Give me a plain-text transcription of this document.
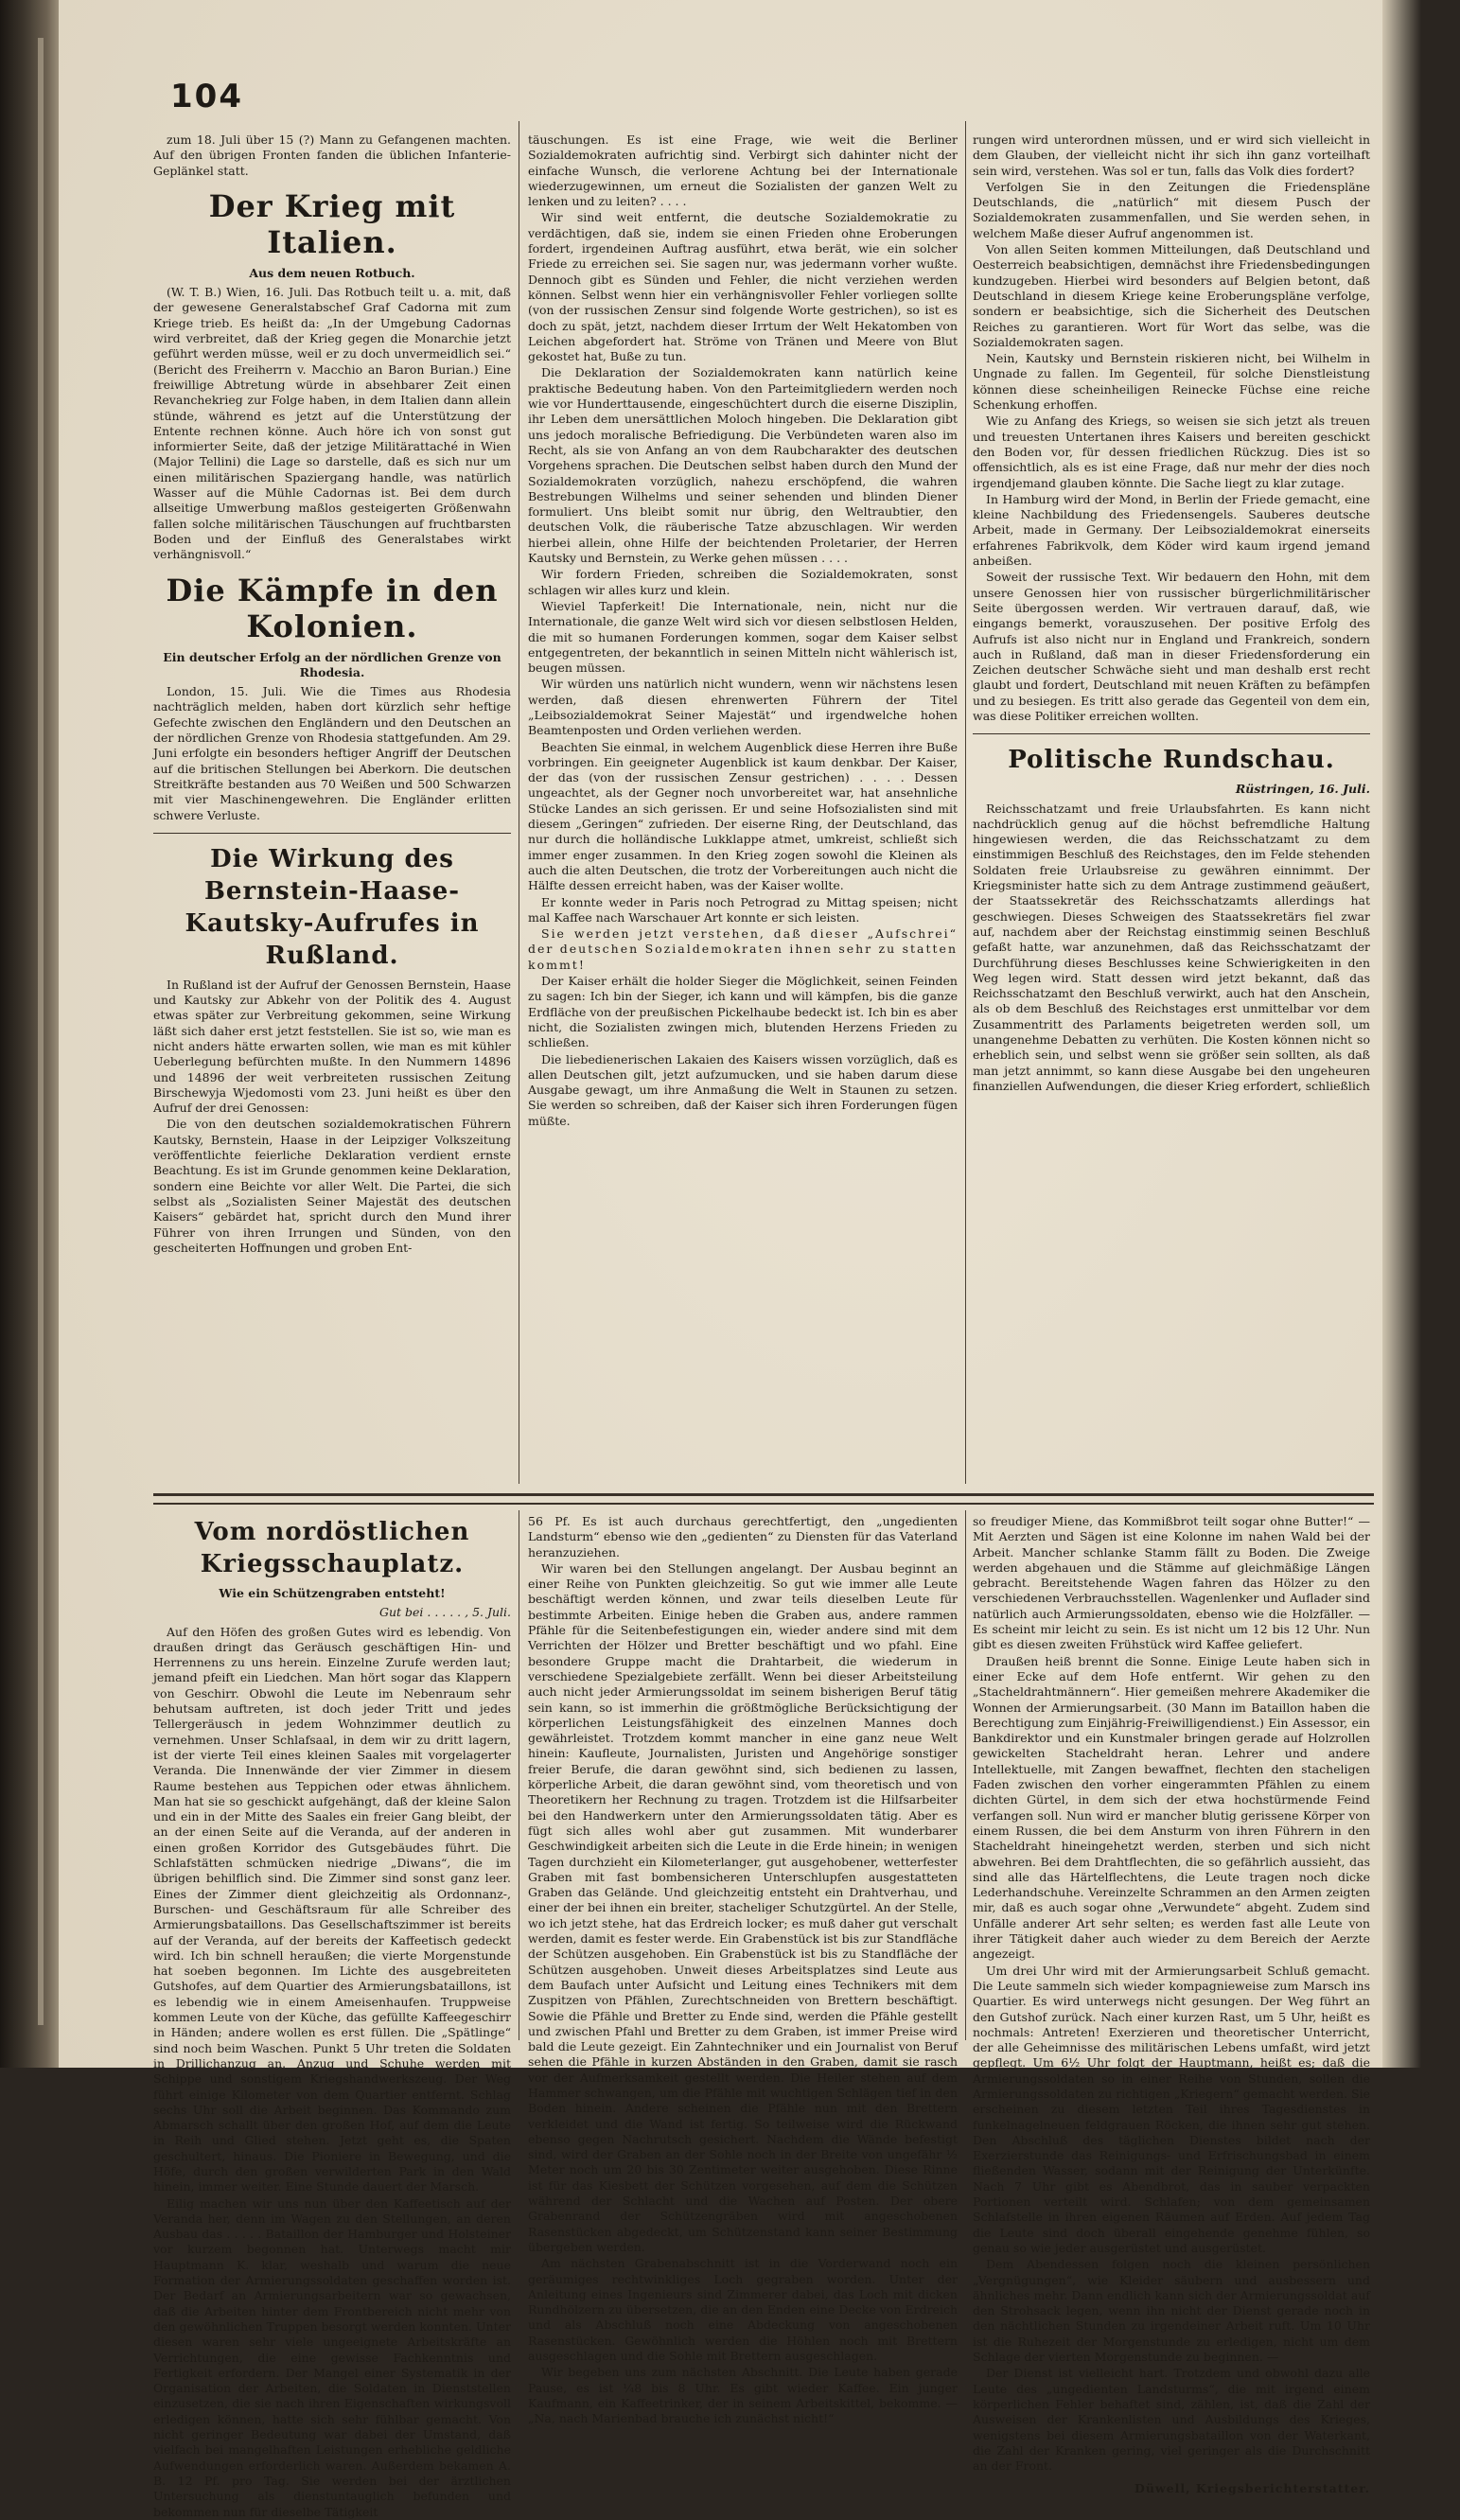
104

zum 18. Juli über 15 (?) Mann zu Gefangenen machten. Auf den übrigen Fronten fanden die üblichen Infanterie-Geplänkel statt.

Der Krieg mit Italien.
Aus dem neuen Rotbuch.

(W. T. B.) Wien, 16. Juli. Das Rotbuch teilt u. a. mit, daß der gewesene Generalstabschef Graf Cadorna mit zum Kriege trieb. Es heißt da: „In der Umgebung Cadornas wird verbreitet, daß der Krieg gegen die Monarchie jetzt geführt werden müsse, weil er zu doch unvermeidlich sei.“ (Bericht des Freiherrn v. Macchio an Baron Burian.) Eine freiwillige Abtretung würde in absehbarer Zeit einen Revanchekrieg zur Folge haben, in dem Italien dann allein stünde, während es jetzt auf die Unterstützung der Entente rechnen könne. Auch höre ich von sonst gut informierter Seite, daß der jetzige Militärattaché in Wien (Major Tellini) die Lage so darstelle, daß es sich nur um einen militärischen Spaziergang handle, was natürlich Wasser auf die Mühle Cadornas ist. Bei dem durch allseitige Umwerbung maßlos gesteigerten Größenwahn fallen solche militärischen Täuschungen auf fruchtbarsten Boden und der Einfluß des Generalstabes wirkt verhängnisvoll.“

Die Kämpfe in den Kolonien.
Ein deutscher Erfolg an der nördlichen Grenze von Rhodesia.

London, 15. Juli. Wie die Times aus Rhodesia nachträglich melden, haben dort kürzlich sehr heftige Gefechte zwischen den Engländern und den Deutschen an der nördlichen Grenze von Rhodesia stattgefunden. Am 29. Juni erfolgte ein besonders heftiger Angriff der Deutschen auf die britischen Stellungen bei Aberkorn. Die deutschen Streitkräfte bestanden aus 70 Weißen und 500 Schwarzen mit vier Maschinengewehren. Die Engländer erlitten schwere Verluste.

Die Wirkung des Bernstein-Haase-Kautsky-Aufrufes in Rußland.

In Rußland ist der Aufruf der Genossen Bernstein, Haase und Kautsky zur Abkehr von der Politik des 4. August etwas später zur Verbreitung gekommen, seine Wirkung läßt sich daher erst jetzt feststellen. Sie ist so, wie man es nicht anders hätte erwarten sollen, wie man es mit kühler Ueberlegung befürchten mußte. In den Nummern 14896 und 14896 der weit verbreiteten russischen Zeitung Birschewyja Wjedomosti vom 23. Juni heißt es über den Aufruf der drei Genossen:

Die von den deutschen sozialdemokratischen Führern Kautsky, Bernstein, Haase in der Leipziger Volkszeitung veröffentlichte feierliche Deklaration verdient ernste Beachtung. Es ist im Grunde genommen keine Deklaration, sondern eine Beichte vor aller Welt. Die Partei, die sich selbst als „Sozialisten Seiner Majestät des deutschen Kaisers“ gebärdet hat, spricht durch den Mund ihrer Führer von ihren Irrungen und Sünden, von den gescheiterten Hoffnungen und groben Ent-

täuschungen. Es ist eine Frage, wie weit die Berliner Sozialdemokraten aufrichtig sind. Verbirgt sich dahinter nicht der einfache Wunsch, die verlorene Achtung bei der Internationale wiederzugewinnen, um erneut die Sozialisten der ganzen Welt zu lenken und zu leiten? . . . .

Wir sind weit entfernt, die deutsche Sozialdemokratie zu verdächtigen, daß sie, indem sie einen Frieden ohne Eroberungen fordert, irgendeinen Auftrag ausführt, etwa berät, wie ein solcher Friede zu erreichen sei. Sie sagen nur, was jedermann vorher wußte. Dennoch gibt es Sünden und Fehler, die nicht verziehen werden können. Selbst wenn hier ein verhängnisvoller Fehler vorliegen sollte (von der russischen Zensur sind folgende Worte gestrichen), so ist es doch zu spät, jetzt, nachdem dieser Irrtum der Welt Hekatomben von Leichen abgefordert hat. Ströme von Tränen und Meere von Blut gekostet hat, Buße zu tun.

Die Deklaration der Sozialdemokraten kann natürlich keine praktische Bedeutung haben. Von den Parteimitgliedern werden noch wie vor Hunderttausende, eingeschüchtert durch die eiserne Disziplin, ihr Leben dem unersättlichen Moloch hingeben. Die Deklaration gibt uns jedoch moralische Befriedigung. Die Verbündeten waren also im Recht, als sie von Anfang an von dem Raubcharakter des deutschen Vorgehens sprachen. Die Deutschen selbst haben durch den Mund der Sozialdemokraten vorzüglich, nahezu erschöpfend, die wahren Bestrebungen Wilhelms und seiner sehenden und blinden Diener formuliert. Uns bleibt somit nur übrig, den Weltraubtier, den deutschen Volk, die räuberische Tatze abzuschlagen. Wir werden hierbei allein, ohne Hilfe der beichtenden Proletarier, der Herren Kautsky und Bernstein, zu Werke gehen müssen . . . .

Wir fordern Frieden, schreiben die Sozialdemokraten, sonst schlagen wir alles kurz und klein.

Wieviel Tapferkeit! Die Internationale, nein, nicht nur die Internationale, die ganze Welt wird sich vor diesen selbstlosen Helden, die mit so humanen Forderungen kommen, sogar dem Kaiser selbst entgegentreten, der bekanntlich in seinen Mitteln nicht wählerisch ist, beugen müssen.

Wir würden uns natürlich nicht wundern, wenn wir nächstens lesen werden, daß diesen ehrenwerten Führern der Titel „Leibsozialdemokrat Seiner Majestät“ und irgendwelche hohen Beamtenposten und Orden verliehen werden.

Beachten Sie einmal, in welchem Augenblick diese Herren ihre Buße vorbringen. Ein geeigneter Augenblick ist kaum denkbar. Der Kaiser, der das (von der russischen Zensur gestrichen) . . . . Dessen ungeachtet, als der Gegner noch unvorbereitet war, hat ansehnliche Stücke Landes an sich gerissen. Er und seine Hofsozialisten sind mit diesem „Geringen“ zufrieden. Der eiserne Ring, der Deutschland, das nur durch die holländische Lukklappe atmet, umkreist, schließt sich immer enger zusammen. In den Krieg zogen sowohl die Kleinen als auch die alten Deutschen, die trotz der Vorbereitungen auch nicht die Hälfte dessen erreicht haben, was der Kaiser wollte.

Er konnte weder in Paris noch Petrograd zu Mittag speisen; nicht mal Kaffee nach Warschauer Art konnte er sich leisten.

Sie werden jetzt verstehen, daß dieser „Aufschrei“ der deutschen Sozialdemokraten ihnen sehr zu statten kommt!

Der Kaiser erhält die holder Sieger die Möglichkeit, seinen Feinden zu sagen: Ich bin der Sieger, ich kann und will kämpfen, bis die ganze Erdfläche von der preußischen Pickelhaube bedeckt ist. Ich bin es aber nicht, die Sozialisten zwingen mich, blutenden Herzens Frieden zu schließen.

Die liebedienerischen Lakaien des Kaisers wissen vorzüglich, daß es allen Deutschen gilt, jetzt aufzumucken, und sie haben darum diese Ausgabe gewagt, um ihre Anmaßung die Welt in Staunen zu setzen. Sie werden so schreiben, daß der Kaiser sich ihren Forderungen fügen müßte.

rungen wird unterordnen müssen, und er wird sich vielleicht in dem Glauben, der vielleicht nicht ihr sich ihn ganz vorteilhaft sein wird, verstehen. Was sol er tun, falls das Volk dies fordert?

Verfolgen Sie in den Zeitungen die Friedenspläne Deutschlands, die „natürlich“ mit diesem Pusch der Sozialdemokraten zusammenfallen, und Sie werden sehen, in welchem Maße dieser Aufruf angenommen ist.

Von allen Seiten kommen Mitteilungen, daß Deutschland und Oesterreich beabsichtigen, demnächst ihre Friedensbedingungen kundzugeben. Hierbei wird besonders auf Belgien betont, daß Deutschland in diesem Kriege keine Eroberungspläne verfolge, sondern er beabsichtige, sich die Sicherheit des Deutschen Reiches zu garantieren. Wort für Wort das selbe, was die Sozialdemokraten sagen.

Nein, Kautsky und Bernstein riskieren nicht, bei Wilhelm in Ungnade zu fallen. Im Gegenteil, für solche Dienstleistung können diese scheinheiligen Reinecke Füchse eine reiche Schenkung erhoffen.

Wie zu Anfang des Kriegs, so weisen sie sich jetzt als treuen und treuesten Untertanen ihres Kaisers und bereiten geschickt den Boden vor, für dessen friedlichen Rückzug. Dies ist so offensichtlich, als es ist eine Frage, daß nur mehr der dies noch irgendjemand glauben könnte. Die Sache liegt zu klar zutage.

In Hamburg wird der Mond, in Berlin der Friede gemacht, eine kleine Nachbildung des Friedensengels. Sauberes deutsche Arbeit, made in Germany. Der Leibsozialdemokrat einerseits erfahrenes Fabrikvolk, dem Köder wird kaum irgend jemand anbeißen.

Soweit der russische Text. Wir bedauern den Hohn, mit dem unsere Genossen hier von russischer bürgerlichmilitärischer Seite übergossen werden. Wir vertrauen darauf, daß, wie eingangs bemerkt, vorauszusehen. Der positive Erfolg des Aufrufs ist also nicht nur in England und Frankreich, sondern auch in Rußland, daß man in dieser Friedensforderung ein Zeichen deutscher Schwäche sieht und man deshalb erst recht glaubt und fordert, Deutschland mit neuen Kräften zu befämpfen und zu besiegen. Es tritt also gerade das Gegenteil von dem ein, was diese Politiker erreichen wollten.

Politische Rundschau.
Rüstringen, 16. Juli.

Reichsschatzamt und freie Urlaubsfahrten. Es kann nicht nachdrücklich genug auf die höchst befremdliche Haltung hingewiesen werden, die das Reichsschatzamt zu dem einstimmigen Beschluß des Reichstages, den im Felde stehenden Soldaten freie Urlaubsreise zu gewähren einnimmt. Der Kriegsminister hatte sich zu dem Antrage zustimmend geäußert, der Staatssekretär des Reichsschatzamts allerdings hat geschwiegen. Dieses Schweigen des Staatssekretärs fiel zwar auf, nachdem aber der Reichstag einstimmig seinen Beschluß gefaßt hatte, war anzunehmen, daß das Reichsschatzamt der Durchführung dieses Beschlusses keine Schwierigkeiten in den Weg legen wird. Statt dessen wird jetzt bekannt, daß das Reichsschatzamt den Beschluß verwirkt, auch hat den Anschein, als ob dem Beschluß des Reichstages erst unmittelbar vor dem Zusammentritt des Parlaments beigetreten werden soll, um unangenehme Debatten zu verhüten. Die Kosten können nicht so erheblich sein, und selbst wenn sie größer sein sollten, als daß man jetzt annimmt, so kann diese Ausgabe bei den ungeheuren finanziellen Aufwendungen, die dieser Krieg erfordert, schließlich

Vom nordöstlichen Kriegsschauplatz.
Wie ein Schützengraben entsteht!
Gut bei . . . . . , 5. Juli.

Auf den Höfen des großen Gutes wird es lebendig. Von draußen dringt das Geräusch geschäftigen Hin- und Herrennens zu uns herein. Einzelne Zurufe werden laut; jemand pfeift ein Liedchen. Man hört sogar das Klappern von Geschirr. Obwohl die Leute im Nebenraum sehr behutsam auftreten, ist doch jeder Tritt und jedes Tellergeräusch in jedem Wohnzimmer deutlich zu vernehmen. Unser Schlafsaal, in dem wir zu dritt lagern, ist der vierte Teil eines kleinen Saales mit vorgelagerter Veranda. Die Innenwände der vier Zimmer in diesem Raume bestehen aus Teppichen oder etwas ähnlichem. Man hat sie so geschickt aufgehängt, daß der kleine Salon und ein in der Mitte des Saales ein freier Gang bleibt, der an der einen Seite auf die Veranda, auf der anderen in einen großen Korridor des Gutsgebäudes führt. Die Schlafstätten schmücken niedrige „Diwans“, die im übrigen behilflich sind. Die Zimmer sind sonst ganz leer. Eines der Zimmer dient gleichzeitig als Ordonnanz-, Burschen- und Geschäftsraum für alle Schreiber des Armierungsbataillons. Das Gesellschaftszimmer ist bereits auf der Veranda, auf der bereits der Kaffeetisch gedeckt wird. Ich bin schnell heraußen; die vierte Morgenstunde hat soeben begonnen. Im Lichte des ausgebreiteten Gutshofes, auf dem Quartier des Armierungsbataillons, ist es lebendig wie in einem Ameisenhaufen. Truppweise kommen Leute von der Küche, das gefüllte Kaffeegeschirr in Händen; andere wollen es erst füllen. Die „Spätlinge“ sind noch beim Waschen. Punkt 5 Uhr treten die Soldaten in Drillichanzug an. Anzug und Schuhe werden mit Schippe und sonstigem Kriegshandwerkszeug. Der Weg führt einige Kilometer von dem Quartier entfernt. Schlag sechs Uhr soll die Arbeit beginnen. Das Kommando zum Abmarsch schallt über den großen Hof, auf dem die Leute in Reih und Glied stehen. Jetzt geht es, die Spaten geschultert, hinaus. Die Pioniere in Bewegung, und die Höfe, durch den großen verwilderten Park in den Wald hinein, immer weiter. Eine Stunde dauert der Marsch.

Eilig machen wir uns nun über den Kaffeetisch auf der Veranda her, denn im Wagen zu den Stellungen, an deren Ausbau das . . . . . Bataillon der Hamburger und Holsteiner vor kurzem begonnen hat. Unterwegs macht mir Hauptmann K. klar, weshalb und warum die neue Formation der Armierungssoldaten geschaffen worden ist. Der Bedarf an Armierungsarbeitern war so gewachsen, daß die Arbeiten hinter dem Frontbereich nicht mehr von den gewöhnlichen Truppen besorgt werden konnten. Unter diesen waren sehr viele ungeeignete Arbeitskräfte an Verrichtungen, die eine gewisse Fachkenntnis und Fertigkeit erfordern. Der Mangel einer Systematik in der Organisation der Arbeiten, die Soldaten in Dienststellen einzusetzen, die sie nach ihren Eigenschaften wirkungsvoll erledigen können, hatte sich sehr fühlbar gemacht. Von nicht geringer Bedeutung war dabei der Umstand, daß vielfach bei mangelhaften Leistungen erhebliche geldliche Aufwendungen erforderlich waren. Außerdem bekamen A. B. 12 Pf. pro Tag. Sie werden bei der ärztlichen Untersuchung als dienstuntauglich befunden und bekommen nun für dieselbe Tätigkeit

56 Pf. Es ist auch durchaus gerechtfertigt, den „ungedienten Landsturm“ ebenso wie den „gedienten“ zu Diensten für das Vaterland heranzuziehen.

Wir waren bei den Stellungen angelangt. Der Ausbau beginnt an einer Reihe von Punkten gleichzeitig. So gut wie immer alle Leute beschäftigt werden können, und zwar teils dieselben Leute für bestimmte Arbeiten. Einige heben die Graben aus, andere rammen Pfähle für die Seitenbefestigungen ein, wieder andere sind mit dem Verrichten der Hölzer und Bretter beschäftigt und wo pfahl. Eine besondere Gruppe macht die Drahtarbeit, die wiederum in verschiedene Spezialgebiete zerfällt. Wenn bei dieser Arbeitsteilung auch nicht jeder Armierungssoldat im seinem bisherigen Beruf tätig sein kann, so ist immerhin die größtmögliche Berücksichtigung der körperlichen Leistungsfähigkeit des einzelnen Mannes doch gewährleistet. Trotzdem kommt mancher in eine ganz neue Welt hinein: Kaufleute, Journalisten, Juristen und Angehörige sonstiger freier Berufe, die daran gewöhnt sind, sich bedienen zu lassen, körperliche Arbeit, die daran gewöhnt sind, vom theoretisch und von Theoretikern her Rechnung zu tragen. Trotzdem ist die Hilfsarbeiter bei den Handwerkern unter den Armierungssoldaten tätig. Aber es fügt sich alles wohl aber gut zusammen. Mit wunderbarer Geschwindigkeit arbeiten sich die Leute in die Erde hinein; in wenigen Tagen durchzieht ein Kilometerlanger, gut ausgehobener, wetterfester Graben mit fast bombensicheren Unterschlupfen ausgestatteten Graben das Gelände. Und gleichzeitig entsteht ein Drahtverhau, und einer der bei ihnen ein breiter, stacheliger Schutzgürtel. An der Stelle, wo ich jetzt stehe, hat das Erdreich locker; es muß daher gut verschalt werden, damit es fester werde. Ein Grabenstück ist bis zur Standfläche der Schützen ausgehoben. Ein Grabenstück ist bis zu Standfläche der Schützen ausgehoben. Unweit dieses Arbeitsplatzes sind Leute aus dem Baufach unter Aufsicht und Leitung eines Technikers mit dem Zuspitzen von Pfählen, Zurechtschneiden von Brettern beschäftigt. Sowie die Pfähle und Bretter zu Ende sind, werden die Pfähle gestellt und zwischen Pfahl und Bretter zu dem Graben, ist immer Preise wird bald die Leute gezeigt. Ein Zahntechniker und ein Journalist von Beruf sehen die Pfähle in kurzen Abständen in den Graben, damit sie rasch vor der Aufmerksamkeit gestellt werden. Die Heiler stehen auf dem Hammer schwangen, um die Pfähle mit wuchtigen Schlägen tief in den Boden hinein. Andere scheinen die Pfähle nun mit den Brettern verkleidet und die Wand ist fertig. So teilweise wird die Rückwand ebenso gegen Nachrutsch gesichert. Nachdem die Wände befestigt sind, wird der Graben an der Sohle noch in der Breite von ungefähr ½ Meter noch um 20 bis 30 Zentimeter weiter ausgehoben. Diese Rinne ist für das Kiesbett der Schützen vorgesehen, auf dem die Schützen während der Schlacht und die Wachen auf Posten. Der obere Grabenrand der Schützengräben wird mit angeschobenen Rasenstücken abgedeckt, um Schützenstand kann seiner Bestimmung übergeben werden.

Am nächsten Grabenabschnitt ist in die Vorderwand noch ein geräumiges rechtwinkliges Loch gegraben worden. Unter der Anleitung eines Ingenieurs sind Zimmerer dabei, das Loch mit dicken Rundhölzern zu übersetzen, die an den Enden eine Decke von Erdreich und als Abschluß noch eine Abdeckung von angeschobenen Rasenstücken. Gewöhnlich werden die Höhlen noch mit Brettern ausgeschlagen und die Sohle mit Brettern ausgeschlagen.

Wir begeben uns zum nächsten Abschnitt. Die Leute haben gerade Pause, es ist ¼8 bis 8 Uhr. Es gibt wieder Kaffee. Ein junger Kaufmann, ein Kaffeetrinker, der in seinem Arbeitskittel, bekomme. — „Na, nach Marienbad brauche ich zunächst nicht!“

so freudiger Miene, das Kommißbrot teilt sogar ohne Butter!“ — Mit Aerzten und Sägen ist eine Kolonne im nahen Wald bei der Arbeit. Mancher schlanke Stamm fällt zu Boden. Die Zweige werden abgehauen und die Stämme auf gleichmäßige Längen gebracht. Bereitstehende Wagen fahren das Hölzer zu den verschiedenen Verbrauchsstellen. Wagenlenker und Auflader sind natürlich auch Armierungssoldaten, ebenso wie die Holzfäller. — Es scheint mir leicht zu sein. Es ist nicht um 12 bis 12 Uhr. Nun gibt es diesen zweiten Frühstück wird Kaffee geliefert.

Draußen heiß brennt die Sonne. Einige Leute haben sich in einer Ecke auf dem Hofe entfernt. Wir gehen zu den „Stacheldrahtmännern“. Hier gemeißen mehrere Akademiker die Wonnen der Armierungsarbeit. (30 Mann im Bataillon haben die Berechtigung zum Einjährig-Freiwilligendienst.) Ein Assessor, ein Bankdirektor und ein Kunstmaler bringen gerade auf Holzrollen gewickelten Stacheldraht heran. Lehrer und andere Intellektuelle, mit Zangen bewaffnet, flechten den stacheligen Faden zwischen den vorher eingerammten Pfählen zu einem dichten Gürtel, in dem sich der etwa hochstürmende Feind verfangen soll. Nun wird er mancher blutig gerissene Körper von einem Russen, die bei dem Ansturm von ihren Führern in den Stacheldraht hineingehetzt werden, sterben und sich nicht abwehren. Bei dem Drahtflechten, die so gefährlich aussieht, das sind alle das Härtelflechtens, die Leute tragen noch dicke Lederhandschuhe. Vereinzelte Schrammen an den Armen zeigten mir, daß es auch sogar ohne „Verwundete“ abgeht. Zudem sind Unfälle anderer Art sehr selten; es werden fast alle Leute von ihrer Tätigkeit daher auch wieder zu dem Bereich der Aerzte angezeigt.

Um drei Uhr wird mit der Armierungsarbeit Schluß gemacht. Die Leute sammeln sich wieder kompagnieweise zum Marsch ins Quartier. Es wird unterwegs nicht gesungen. Der Weg führt an den Gutshof zurück. Nach einer kurzen Rast, um 5 Uhr, heißt es nochmals: Antreten! Exerzieren und theoretischer Unterricht, der alle Geheimnisse des militärischen Lebens umfaßt, wird jetzt gepflegt. Um 6½ Uhr folgt der Hauptmann, heißt es; daß die Armierungssoldaten so in einer Reihe von Stunden, sollen die Armierungssoldaten zu richtigen „Kriegern“ gemacht werden. Sie erscheinen zu diesem letzten Teil ihres Tagesdienstes in funkelnagelneuen feldgrauen Röcken, die ihnen sehr gut stehen. Den Abschluß des täglichen Dienstes bildet nach der Exerzierstunde das Reinigungs- und Erfrischungsbad in einem fließenden Wasser, sodann mit der Reinigung der Unterkünfte. Nach 7 Uhr gibt es Abendbrot, das in sauber verpackten Portionen verteilt wird. Schlafen; von dem gemeinsamen Schlafstelle in ihren eigenen Räumen auf Erden. Auf jedem Tag die Leute sind doch überall eingehende genehme fühlen, so genau so wie jeder ausgerüstet und ausgerüstet.

Dem Abendessen folgen noch die kleinen persönlichen „Vergnügungen“, wie Kleider säubern und ausbessern und ähnliches mehr. Dann endlich kann sich der Armierungssoldat auf den Strohsack legen, wenn ihn nicht der Dienst gerade noch in den nächtlichen Stunden zu irgendeiner Arbeit ruft. Um 10 Uhr ist die Ruhezeit der Morgenstunde zu erledigen, nicht um dem Schlage der vierten Morgenstunde zu beginnen. —

Der Dienst ist vielleicht hart. Trotzdem und obwohl dazu alle Leute des „ungedienten Landsturms“, die mit irgend einem körperlichen Fehler behaftet sind, zählen, ist, daß die Zahl der Ausweisen der Krankenlisten und Ausbildungs des Krieges, wenigstens bei diesem Armierungsbataillon von der Waterkant, die Zahl der Kranken gering, viel geringer als die Durchschnitt an der Front.

Düwell, Kriegsberichterstatter.
